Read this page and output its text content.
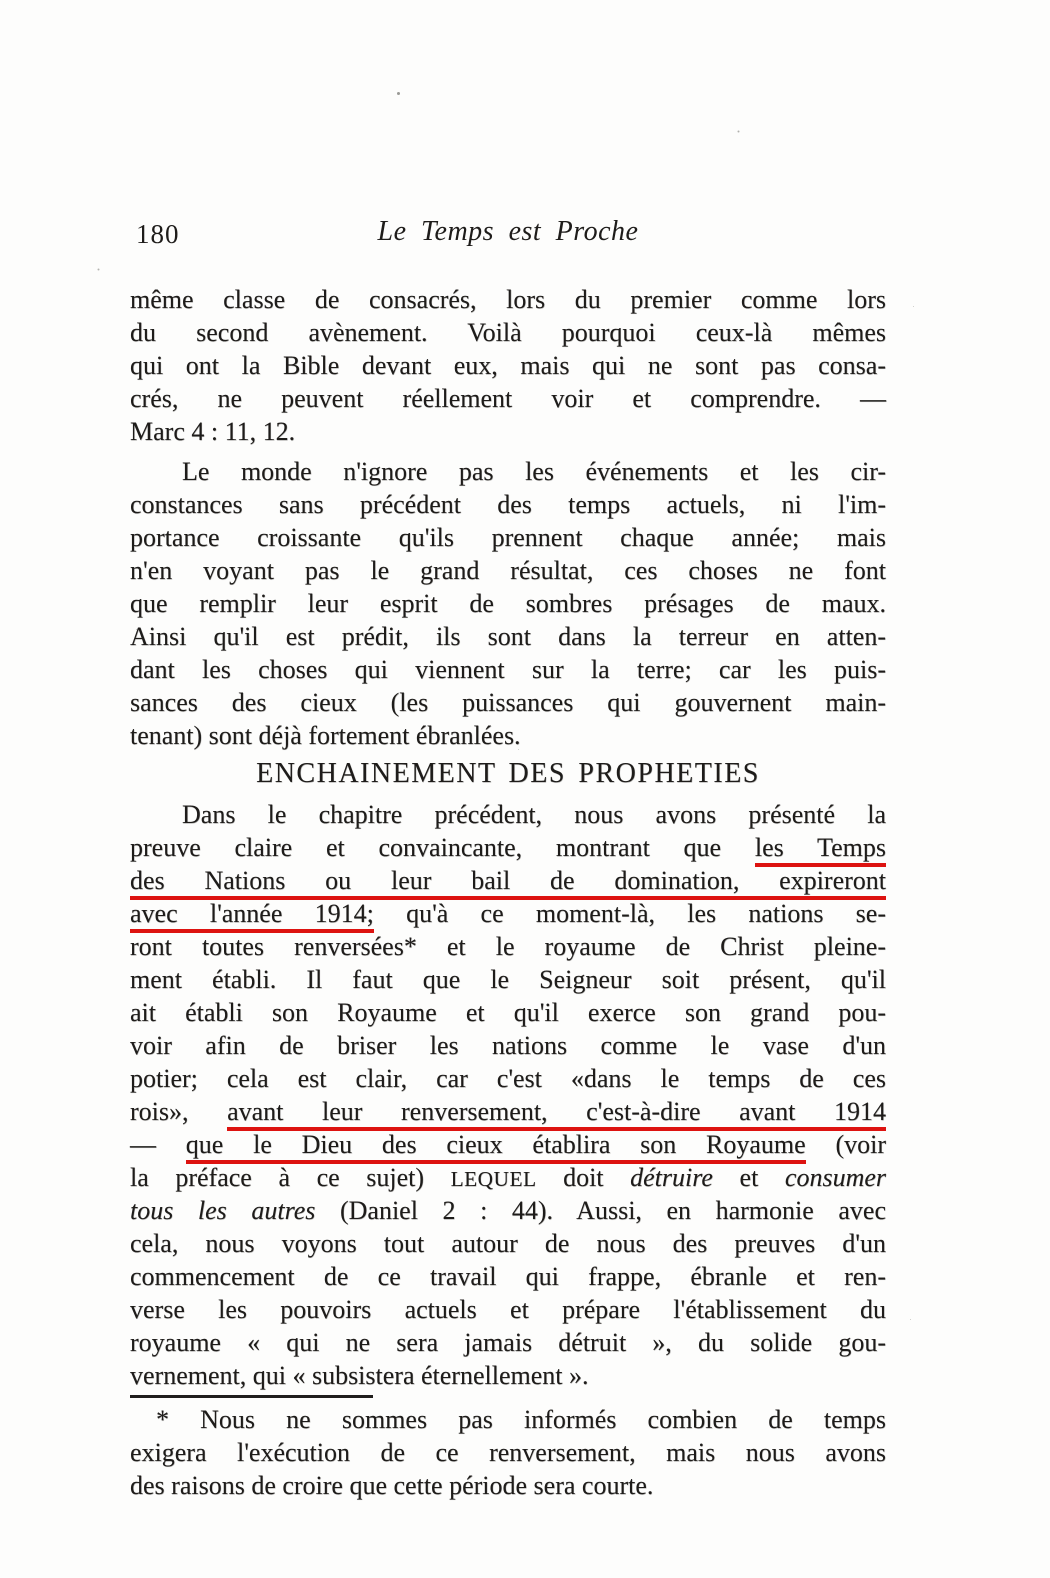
180	Le Temps est Proche
même classe de consacrés, lors du premier comme lors
du second avènement. Voilà pourquoi ceux-là mêmes
qui ont la Bible devant eux, mais qui ne sont pas consa-
crés, ne peuvent réellement voir et comprendre. —
Marc 4 : 11, 12.
Le monde n'ignore pas les événements et les cir-
constances sans précédent des temps actuels, ni l'im-
portance croissante qu'ils prennent chaque année; mais
n'en voyant pas le grand résultat, ces choses ne font
que remplir leur esprit de sombres présages de maux.
Ainsi qu'il est prédit, ils sont dans la terreur en atten-
dant les choses qui viennent sur la terre; car les puis-
sances des cieux (les puissances qui gouvernent main-
tenant) sont déjà fortement ébranlées.
ENCHAINEMENT DES PROPHETIES
Dans le chapitre précédent, nous avons présenté la
preuve claire et convaincante, montrant que les Temps
des Nations ou leur bail de domination, expireront
avec l'année 1914; qu'à ce moment-là, les nations se-
ront toutes renversées* et le royaume de Christ pleine-
ment établi. Il faut que le Seigneur soit présent, qu'il
ait établi son Royaume et qu'il exerce son grand pou-
voir afin de briser les nations comme le vase d'un
potier; cela est clair, car c'est «dans le temps de ces
rois», avant leur renversement, c'est-à-dire avant 1914
— que le Dieu des cieux établira son Royaume (voir
la préface à ce sujet) LEQUEL doit détruire et consumer
tous les autres (Daniel 2 : 44). Aussi, en harmonie avec
cela, nous voyons tout autour de nous des preuves d'un
commencement de ce travail qui frappe, ébranle et ren-
verse les pouvoirs actuels et prépare l'établissement du
royaume « qui ne sera jamais détruit », du solide gou-
vernement, qui « subsistera éternellement ».
* Nous ne sommes pas informés combien de temps
exigera l'exécution de ce renversement, mais nous avons
des raisons de croire que cette période sera courte.
